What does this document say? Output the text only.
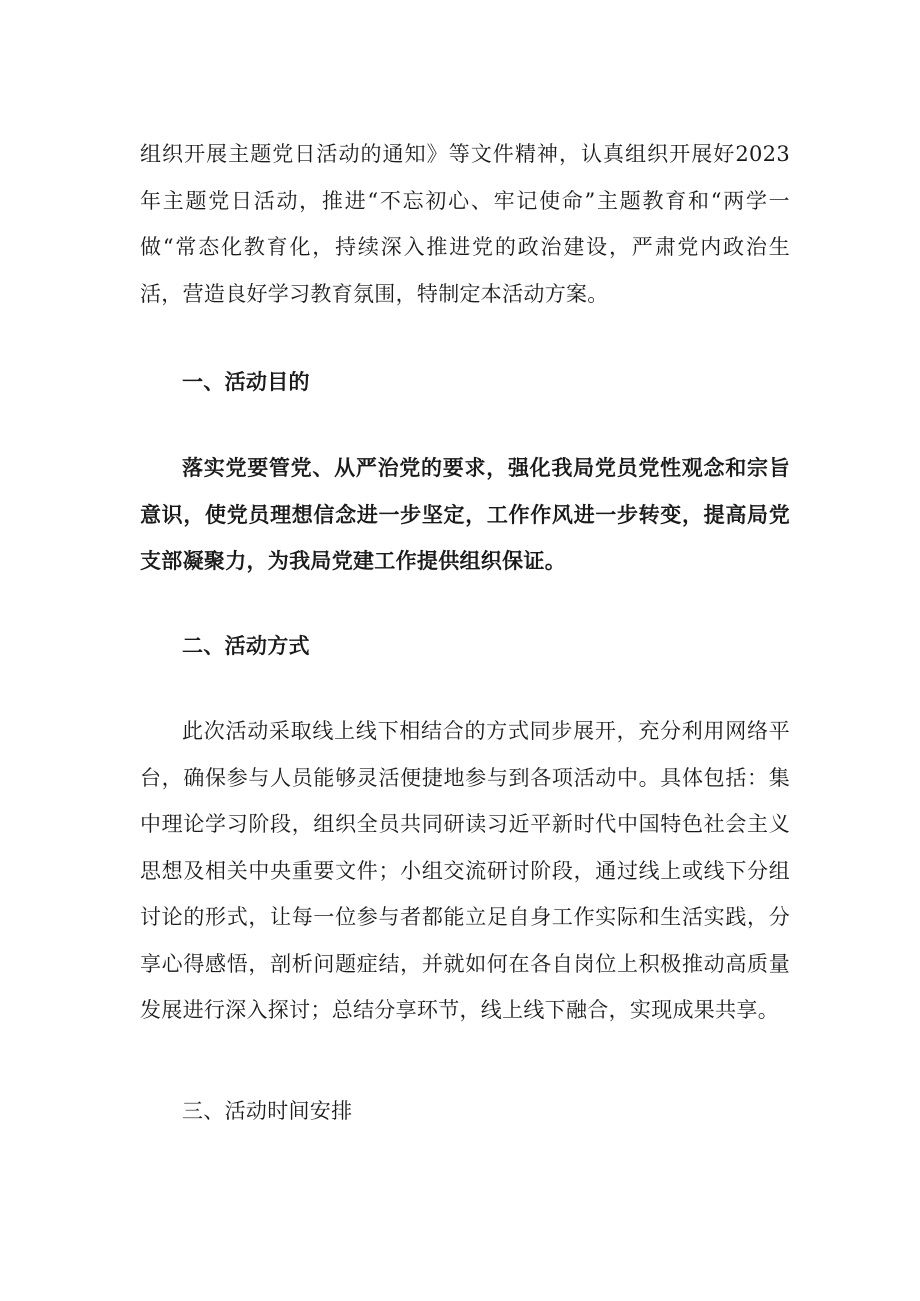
组织开展主题党日活动的通知》等文件精神，认真组织开展好2023年主题党日活动，推进“不忘初心、牢记使命”主题教育和“两学一做“常态化教育化，持续深入推进党的政治建设，严肃党内政治生活，营造良好学习教育氛围，特制定本活动方案。

一、活动目的

落实党要管党、从严治党的要求，强化我局党员党性观念和宗旨意识，使党员理想信念进一步坚定，工作作风进一步转变，提高局党支部凝聚力，为我局党建工作提供组织保证。

二、活动方式

此次活动采取线上线下相结合的方式同步展开，充分利用网络平台，确保参与人员能够灵活便捷地参与到各项活动中。具体包括：集中理论学习阶段，组织全员共同研读习近平新时代中国特色社会主义思想及相关中央重要文件；小组交流研讨阶段，通过线上或线下分组讨论的形式，让每一位参与者都能立足自身工作实际和生活实践，分享心得感悟，剖析问题症结，并就如何在各自岗位上积极推动高质量发展进行深入探讨；总结分享环节，线上线下融合，实现成果共享。

三、活动时间安排
